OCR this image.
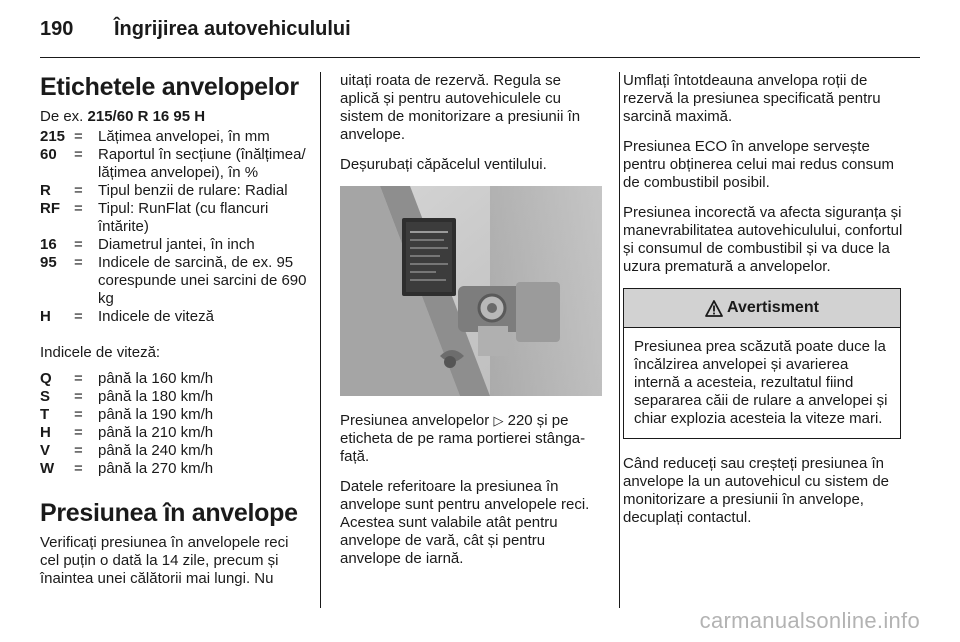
190 Îngrijirea autovehiculului
Etichetele anvelopelor

De ex. 215/60 R 16 95 H

215 =	Lățimea anvelopei, în mm
60	=	Raportul în secțiune (înălțimea/ lățimea anvelopei), în %
R	=	Tipul benzii de rulare: Radial
RF =	Tipul: RunFlat (cu flancuri întărite)
16	=	Diametrul jantei, în inch
95	=	Indicele de sarcină, de ex. 95 corespunde unei sarcini de 690 kg
H	=	Indicele de viteză

Indicele de viteză:

Q	=	până la 160 km/h
S	=	până la 180 km/h
T	=	până la 190 km/h
H	=	până la 210 km/h
V	=	până la 240 km/h
W	=	până la 270 km/h
Presiunea în anvelope

Verificați presiunea în anvelopele reci cel puțin o dată la 14 zile, precum și înaintea unei călătorii mai lungi. Nu

uitați roata de rezervă. Regula se aplică și pentru autovehiculele cu sistem de monitorizare a presiunii în anvelope.

Deșurubați căpăcelul ventilului.

Presiunea anvelopelor ▷ 220 și pe eticheta de pe rama portierei stânga-față.

Datele referitoare la presiunea în anvelope sunt pentru anvelopele reci. Acestea sunt valabile atât pentru anvelope de vară, cât și pentru anvelope de iarnă.

Umflați întotdeauna anvelopa roții de rezervă la presiunea specificată pentru sarcină maximă.

Presiunea ECO în anvelope servește pentru obținerea celui mai redus consum de combustibil posibil.

Presiunea incorectă va afecta siguranța și manevrabilitatea autovehiculului, confortul și consumul de combustibil și va duce la uzura prematură a anvelopelor.

Avertisment
Presiunea prea scăzută poate duce la încălzirea anvelopei și avarierea internă a acesteia, rezultatul fiind separarea căii de rulare a anvelopei și chiar explozia acesteia la viteze mari.

Când reduceți sau creșteți presiunea în anvelope la un autovehicul cu sistem de monitorizare a presiunii în anvelope, decuplați contactul.

carmanualsonline.info
